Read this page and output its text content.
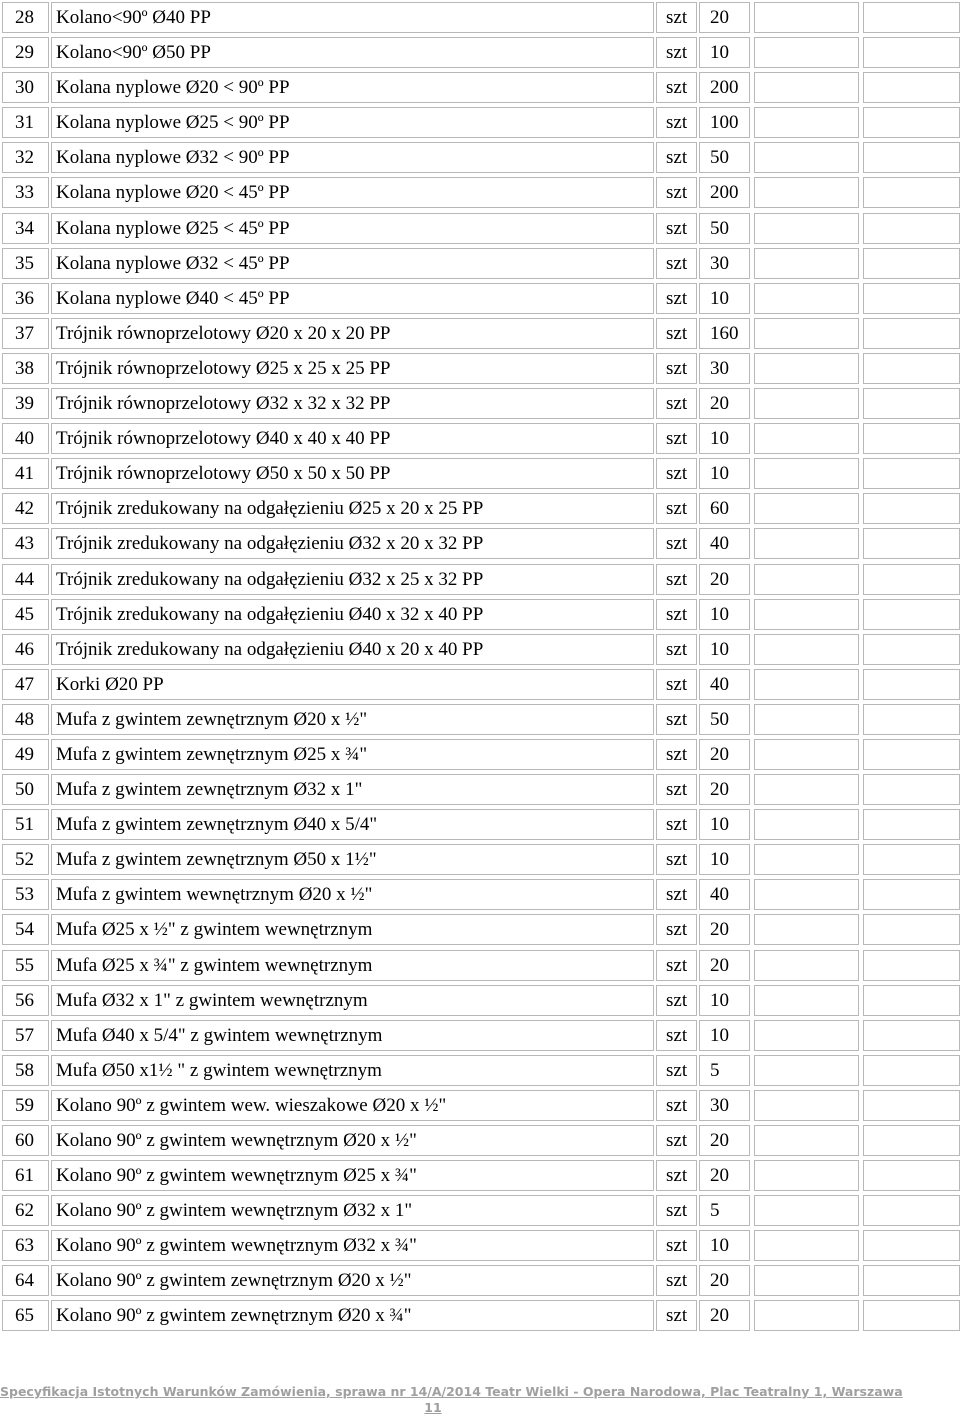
28	Kolano<90º Ø40 PP	szt	20
29	Kolano<90º Ø50 PP	szt	10
30	Kolana nyplowe Ø20 < 90º PP	szt	200
31	Kolana nyplowe Ø25 < 90º PP	szt	100
32	Kolana nyplowe Ø32 < 90º PP	szt	50
33	Kolana nyplowe Ø20 < 45º PP	szt	200
34	Kolana nyplowe Ø25 < 45º PP	szt	50
35	Kolana nyplowe Ø32 < 45º PP	szt	30
36	Kolana nyplowe Ø40 < 45º PP	szt	10
37	Trójnik równoprzelotowy Ø20 x 20 x 20 PP	szt	160
38	Trójnik równoprzelotowy Ø25 x 25 x 25 PP	szt	30
39	Trójnik równoprzelotowy Ø32 x 32 x 32 PP	szt	20
40	Trójnik równoprzelotowy Ø40 x 40 x 40 PP	szt	10
41	Trójnik równoprzelotowy Ø50 x 50 x 50 PP	szt	10
42	Trójnik zredukowany na odgałęzieniu Ø25 x 20 x 25 PP	szt	60
43	Trójnik zredukowany na odgałęzieniu Ø32 x 20 x 32 PP	szt	40
44	Trójnik zredukowany na odgałęzieniu Ø32 x 25 x 32 PP	szt	20
45	Trójnik zredukowany na odgałęzieniu Ø40 x 32 x 40 PP	szt	10
46	Trójnik zredukowany na odgałęzieniu Ø40 x 20 x 40 PP	szt	10
47	Korki Ø20 PP	szt	40
48	Mufa z gwintem zewnętrznym Ø20 x ½"	szt	50
49	Mufa z gwintem zewnętrznym Ø25 x ¾"	szt	20
50	Mufa z gwintem zewnętrznym Ø32 x 1"	szt	20
51	Mufa z gwintem zewnętrznym Ø40 x 5/4"	szt	10
52	Mufa z gwintem zewnętrznym Ø50 x 1½"	szt	10
53	Mufa z gwintem wewnętrznym Ø20 x ½"	szt	40
54	Mufa Ø25 x ½" z gwintem wewnętrznym	szt	20
55	Mufa Ø25 x ¾" z gwintem wewnętrznym	szt	20
56	Mufa Ø32 x 1" z gwintem wewnętrznym	szt	10
57	Mufa Ø40 x 5/4" z gwintem wewnętrznym	szt	10
58	Mufa Ø50 x1½ " z gwintem wewnętrznym	szt	5
59	Kolano 90º z gwintem wew. wieszakowe Ø20 x ½"	szt	30
60	Kolano 90º z gwintem wewnętrznym Ø20 x ½"	szt	20
61	Kolano 90º z gwintem wewnętrznym Ø25 x ¾"	szt	20
62	Kolano 90º z gwintem wewnętrznym Ø32 x 1"	szt	5
63	Kolano 90º z gwintem wewnętrznym Ø32 x ¾"	szt	10
64	Kolano 90º z gwintem zewnętrznym Ø20 x ½"	szt	20
65	Kolano 90º z gwintem zewnętrznym Ø20 x ¾"	szt	20
Specyfikacja Istotnych Warunków Zamówienia, sprawa nr 14/A/2014 Teatr Wielki - Opera Narodowa, Plac Teatralny 1, Warszawa
11
